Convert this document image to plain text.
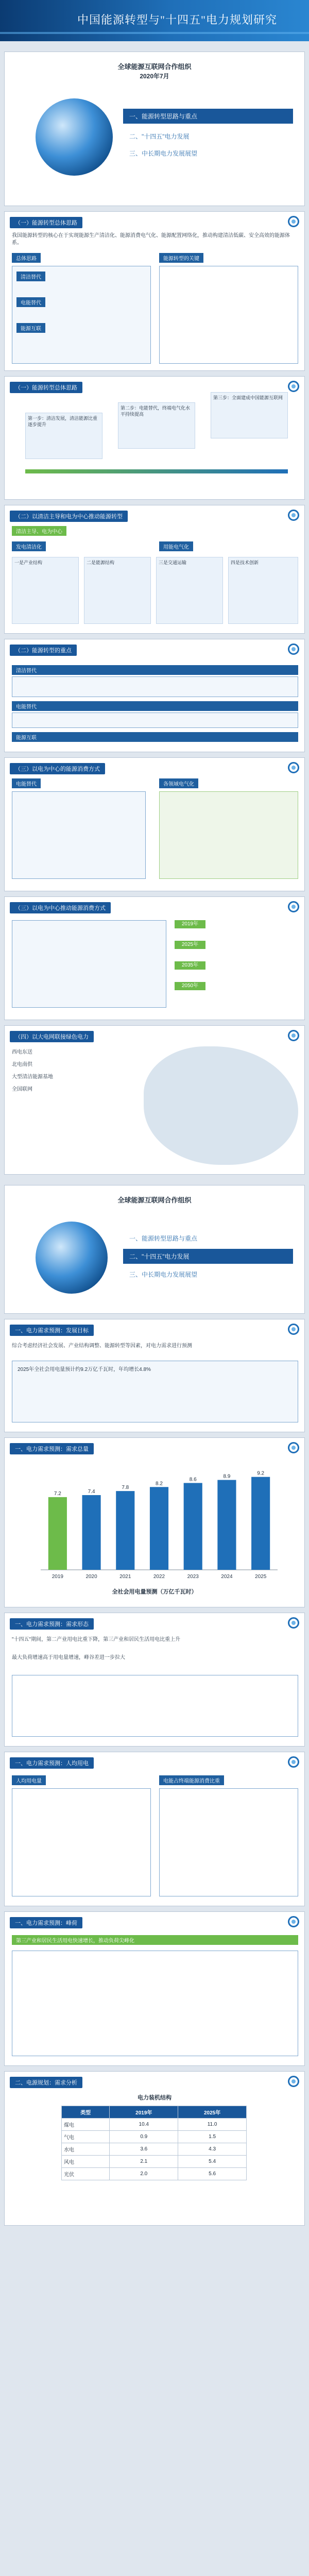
中国能源转型与"十四五"电力规划研究
全球能源互联网合作组织
2020年7月
一、能源转型思路与重点
二、"十四五"电力发展
三、中长期电力发展展望
（一）能源转型总体思路
我国能源转型的核心在于实现能源生产清洁化、能源消费电气化、能源配置网络化，推动构建清洁低碳、安全高效的能源体系。
总体思路	能源转型的关键
清洁替代
电能替代
能源互联
（一）能源转型总体思路
第一步：清洁发展，清洁能源比重逐步提升
第二步：电能替代，终端电气化水平持续提高
第三步：全面建成中国能源互联网
（二）以清洁主导和电为中心推动能源转型
清洁主导、电为中心
发电清洁化	用能电气化
一是产业结构	二是能源结构	三是交通运输	四是技术创新
（二）能源转型的重点
清洁替代
电能替代
能源互联
（三）以电为中心的能源消费方式
电能替代	各领域电气化
（三）以电为中心推动能源消费方式
2019年
2025年
2035年
2050年
（四）以大电网联接绿色电力
西电东送
北电南供
大型清洁能源基地
全国联网
全球能源互联网合作组织
一、能源转型思路与重点
二、"十四五"电力发展
三、中长期电力发展展望
一、电力需求预测：发展目标
综合考虑经济社会发展、产业结构调整、能源转型等因素，对电力需求进行预测
2025年全社会用电量预计约9.2万亿千瓦时，年均增长4.8%
一、电力需求预测：需求总量
全社会用电量预测（万亿千瓦时）
7.2
2019
7.4
2020
7.8
2021
8.2
2022
8.6
2023
8.9
2024
9.2
2025
一、电力需求预测：需求形态
"十四五"期间，第二产业用电比重下降，第三产业和居民生活用电比重上升
最大负荷增速高于用电量增速，峰谷差进一步拉大
一、电力需求预测：人均用电
人均用电量	电能占终端能源消费比重
一、电力需求预测：峰荷
第三产业和居民生活用电快速增长，推动负荷尖峰化
二、电源规划：需求分析
电力装机结构
类型	2019年	2025年
煤电	10.4	11.0
气电	0.9	1.5
水电	3.6	4.3
风电	2.1	5.4
光伏	2.0	5.6
